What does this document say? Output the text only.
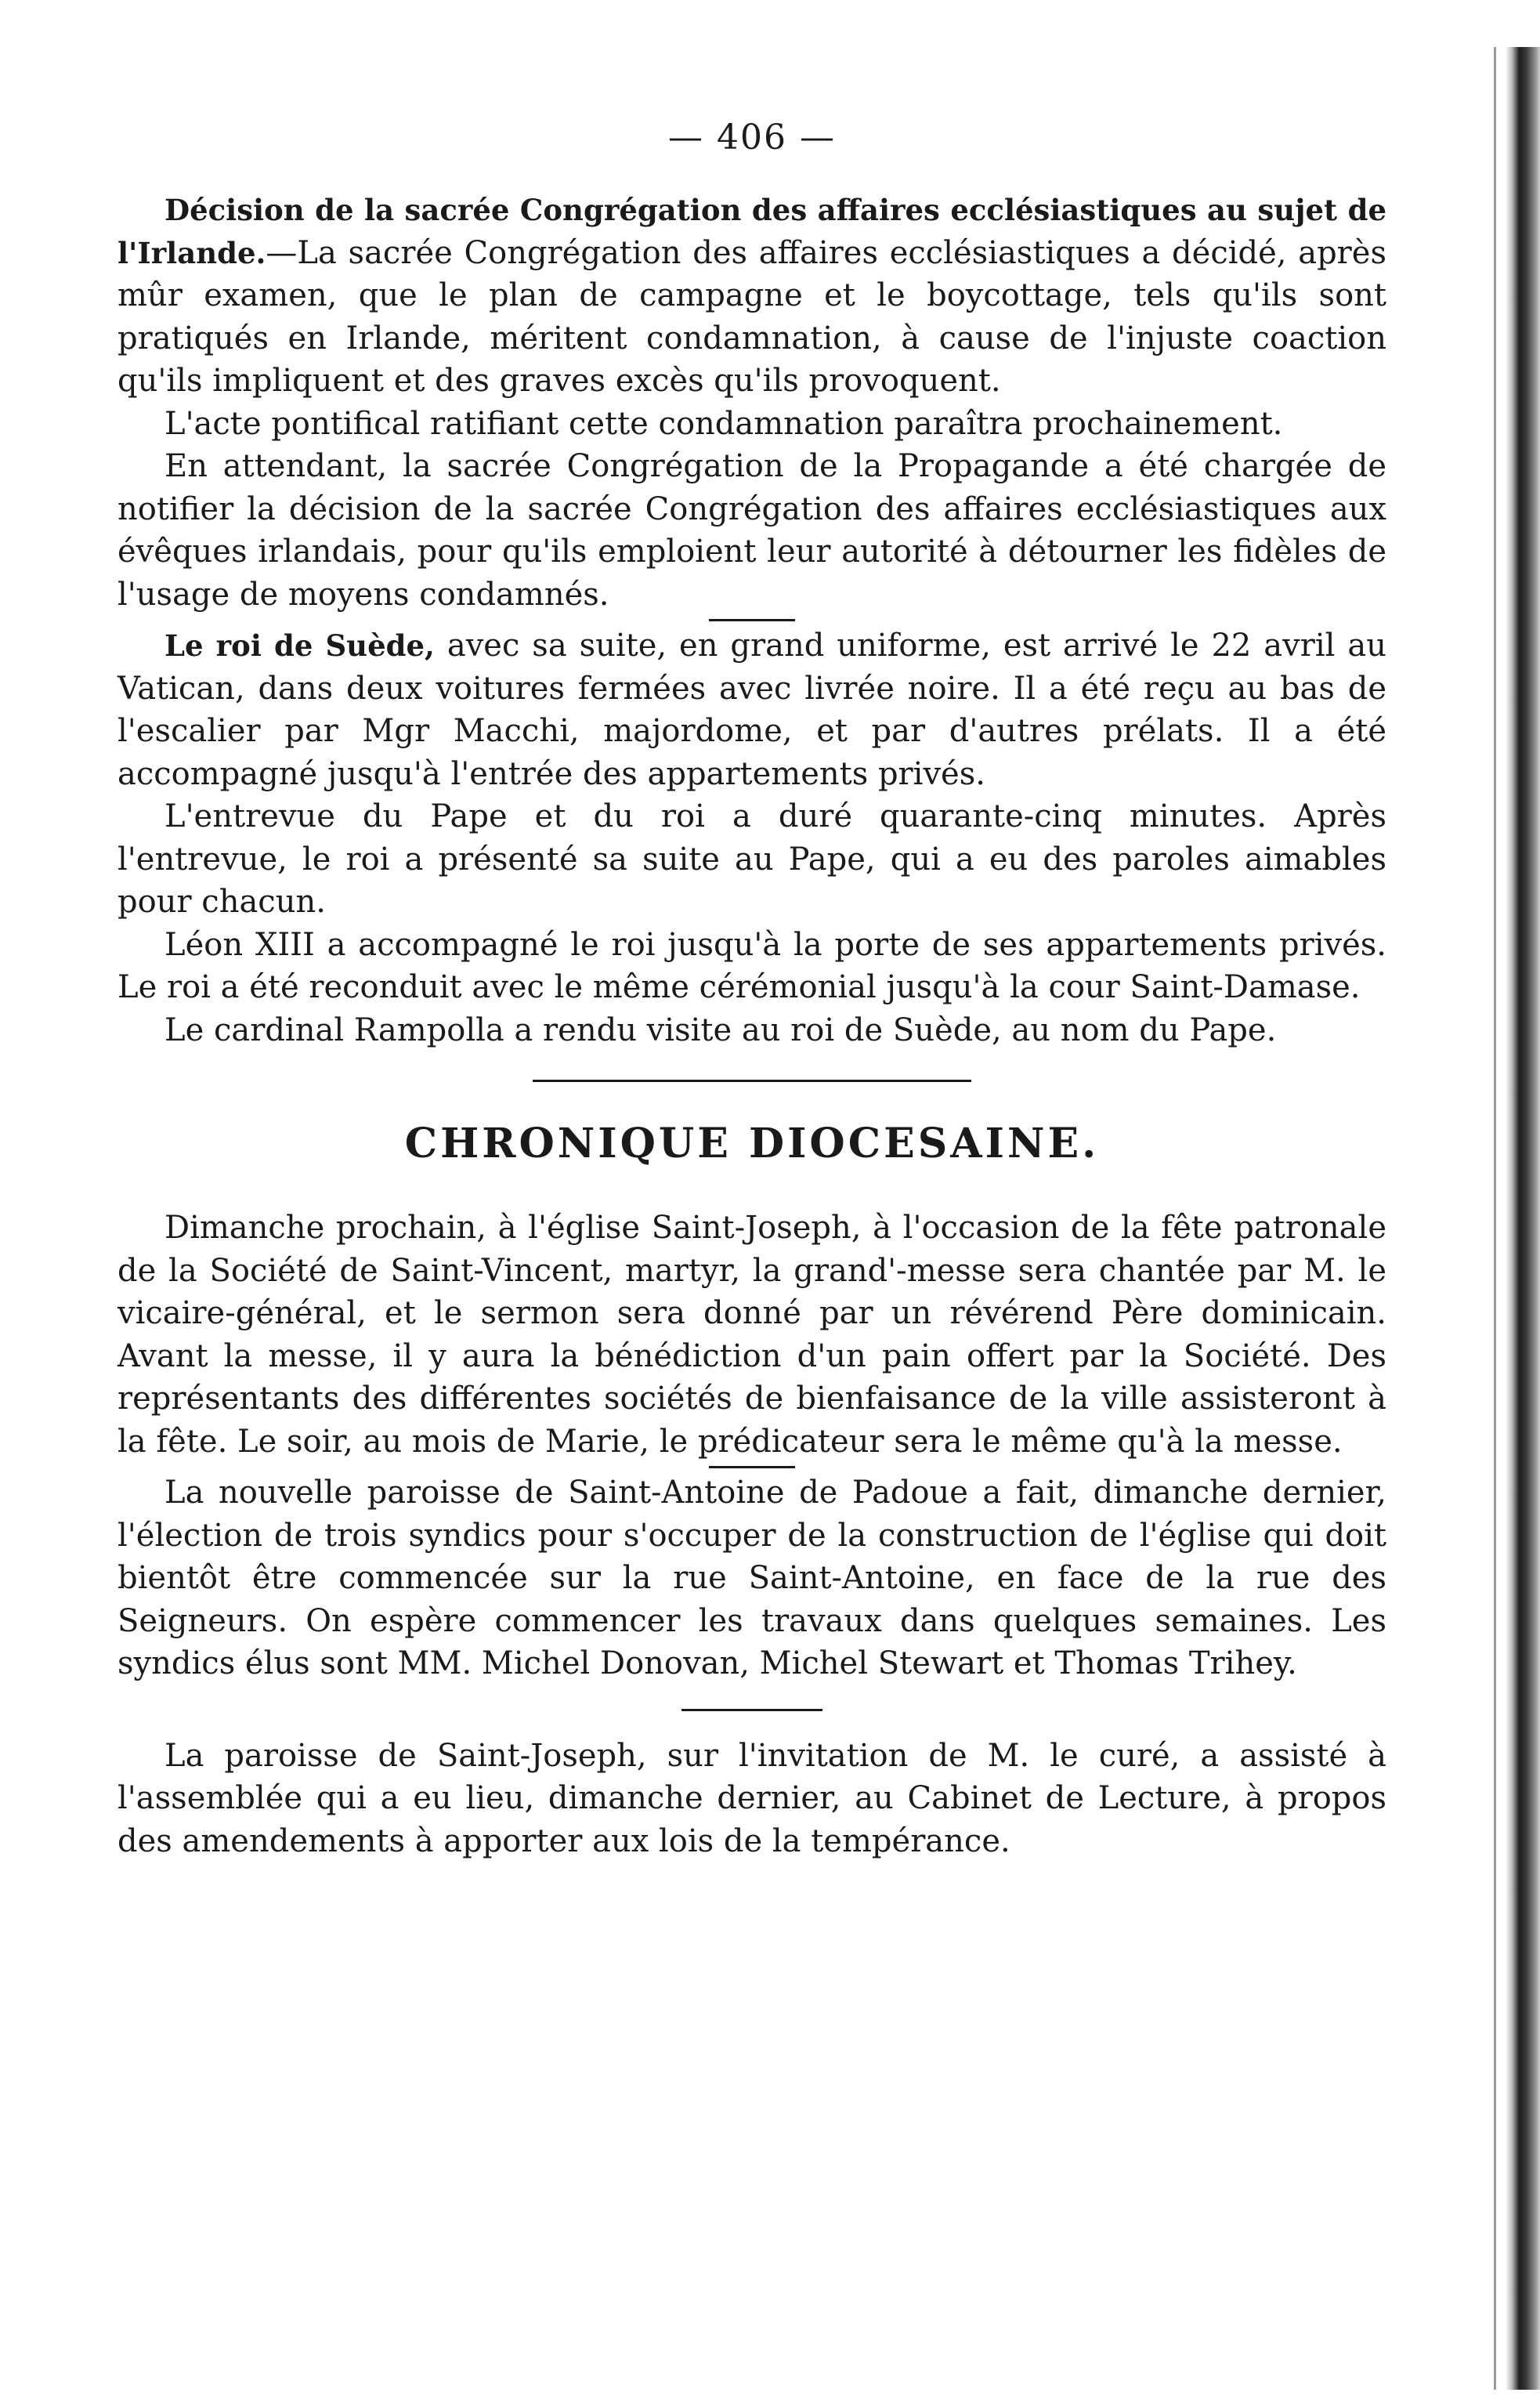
— 406 —

Décision de la sacrée Congrégation des affaires ecclésiastiques au sujet de l'Irlande.—La sacrée Congrégation des affaires ecclésiastiques a décidé, après mûr examen, que le plan de campagne et le boycottage, tels qu'ils sont pratiqués en Irlande, méritent condamnation, à cause de l'injuste coaction qu'ils impliquent et des graves excès qu'ils provoquent.

L'acte pontifical ratifiant cette condamnation paraîtra prochainement.

En attendant, la sacrée Congrégation de la Propagande a été chargée de notifier la décision de la sacrée Congrégation des affaires ecclésiastiques aux évêques irlandais, pour qu'ils emploient leur autorité à détourner les fidèles de l'usage de moyens condamnés.

Le roi de Suède, avec sa suite, en grand uniforme, est arrivé le 22 avril au Vatican, dans deux voitures fermées avec livrée noire. Il a été reçu au bas de l'escalier par Mgr Macchi, majordome, et par d'autres prélats. Il a été accompagné jusqu'à l'entrée des appartements privés.

L'entrevue du Pape et du roi a duré quarante-cinq minutes. Après l'entrevue, le roi a présenté sa suite au Pape, qui a eu des paroles aimables pour chacun.

Léon XIII a accompagné le roi jusqu'à la porte de ses appartements privés. Le roi a été reconduit avec le même cérémonial jusqu'à la cour Saint-Damase.

Le cardinal Rampolla a rendu visite au roi de Suède, au nom du Pape.

CHRONIQUE DIOCESAINE.

Dimanche prochain, à l'église Saint-Joseph, à l'occasion de la fête patronale de la Société de Saint-Vincent, martyr, la grand'-messe sera chantée par M. le vicaire-général, et le sermon sera donné par un révérend Père dominicain. Avant la messe, il y aura la bénédiction d'un pain offert par la Société. Des représentants des différentes sociétés de bienfaisance de la ville assisteront à la fête. Le soir, au mois de Marie, le prédicateur sera le même qu'à la messe.

La nouvelle paroisse de Saint-Antoine de Padoue a fait, dimanche dernier, l'élection de trois syndics pour s'occuper de la construction de l'église qui doit bientôt être commencée sur la rue Saint-Antoine, en face de la rue des Seigneurs. On espère commencer les travaux dans quelques semaines. Les syndics élus sont MM. Michel Donovan, Michel Stewart et Thomas Trihey.

La paroisse de Saint-Joseph, sur l'invitation de M. le curé, a assisté à l'assemblée qui a eu lieu, dimanche dernier, au Cabinet de Lecture, à propos des amendements à apporter aux lois de la tempérance.
